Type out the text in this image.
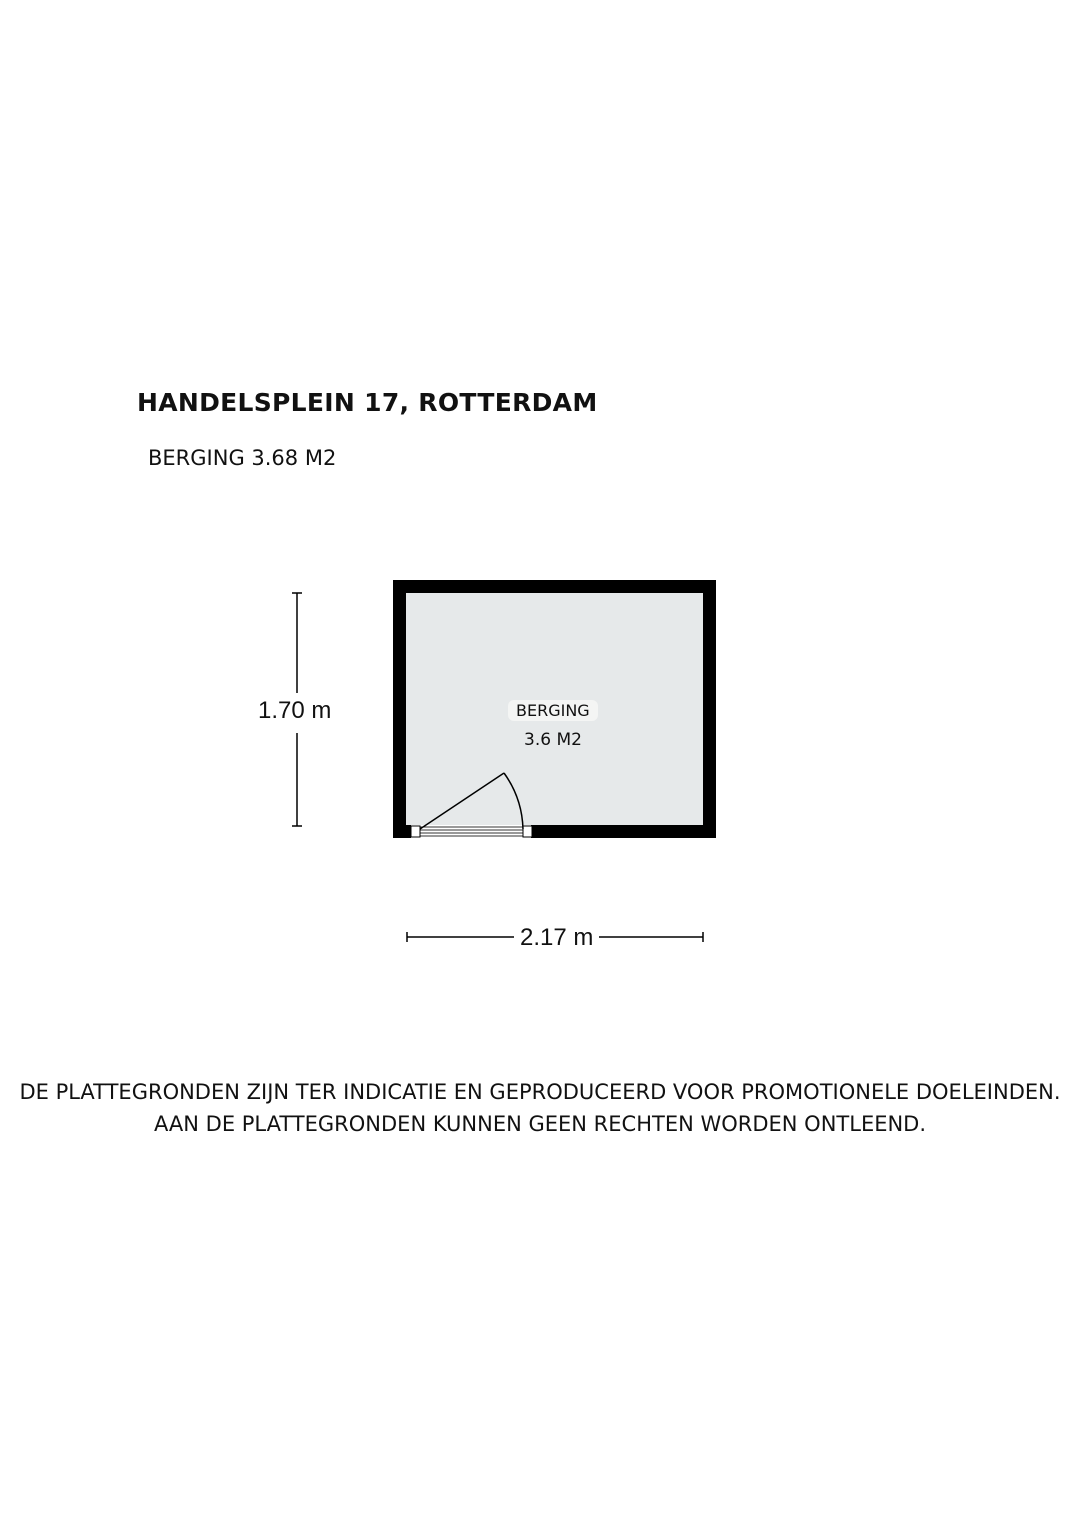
HANDELSPLEIN 17, ROTTERDAM
BERGING 3.68 M2
BERGING
3.6 M2
1.70 m
2.17 m
DE PLATTEGRONDEN ZIJN TER INDICATIE EN GEPRODUCEERD VOOR PROMOTIONELE DOELEINDEN.
AAN DE PLATTEGRONDEN KUNNEN GEEN RECHTEN WORDEN ONTLEEND.
